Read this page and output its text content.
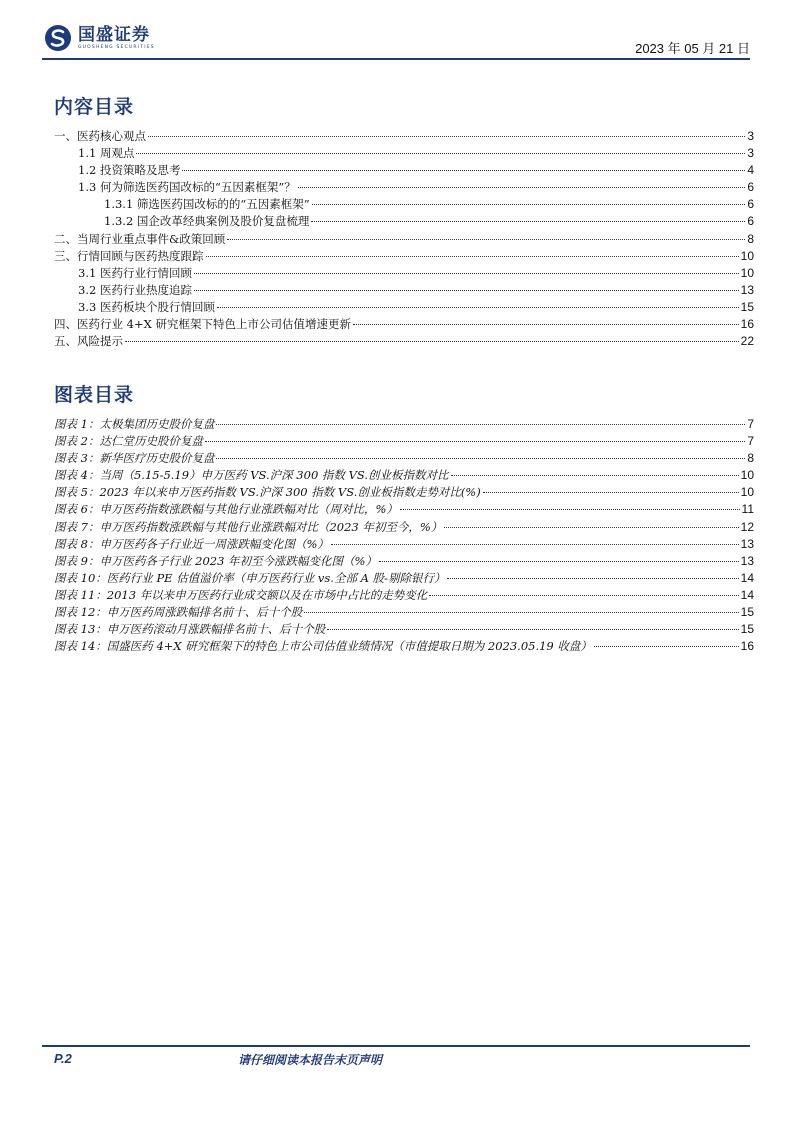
国盛证券
GUOSHENG SECURITIES	2023 年 05 月 21 日
内容目录
一、医药核心观点	3
1.1 周观点	3
1.2 投资策略及思考	4
1.3 何为筛选医药国改标的“五因素框架”？	6
1.3.1 筛选医药国改标的的“五因素框架”	6
1.3.2 国企改革经典案例及股价复盘梳理	6
二、当周行业重点事件&政策回顾	8
三、行情回顾与医药热度跟踪	10
3.1 医药行业行情回顾	10
3.2 医药行业热度追踪	13
3.3 医药板块个股行情回顾	15
四、医药行业 4+X 研究框架下特色上市公司估值增速更新	16
五、风险提示	22
图表目录
图表 1：太极集团历史股价复盘	7
图表 2：达仁堂历史股价复盘	7
图表 3：新华医疗历史股价复盘	8
图表 4：当周（5.15-5.19）申万医药 VS.沪深 300 指数 VS.创业板指数对比	10
图表 5：2023 年以来申万医药指数 VS.沪深 300 指数 VS.创业板指数走势对比(%)	10
图表 6：申万医药指数涨跌幅与其他行业涨跌幅对比（周对比，%）	11
图表 7：申万医药指数涨跌幅与其他行业涨跌幅对比（2023 年初至今，%）	12
图表 8：申万医药各子行业近一周涨跌幅变化图（%）	13
图表 9：申万医药各子行业 2023 年初至今涨跌幅变化图（%）	13
图表 10：医药行业 PE 估值溢价率（申万医药行业 vs.全部 A 股-剔除银行）	14
图表 11：2013 年以来申万医药行业成交额以及在市场中占比的走势变化	14
图表 12：申万医药周涨跌幅排名前十、后十个股	15
图表 13：申万医药滚动月涨跌幅排名前十、后十个股	15
图表 14：国盛医药 4+X 研究框架下的特色上市公司估值业绩情况（市值提取日期为 2023.05.19 收盘）	16
P.2	请仔细阅读本报告末页声明
